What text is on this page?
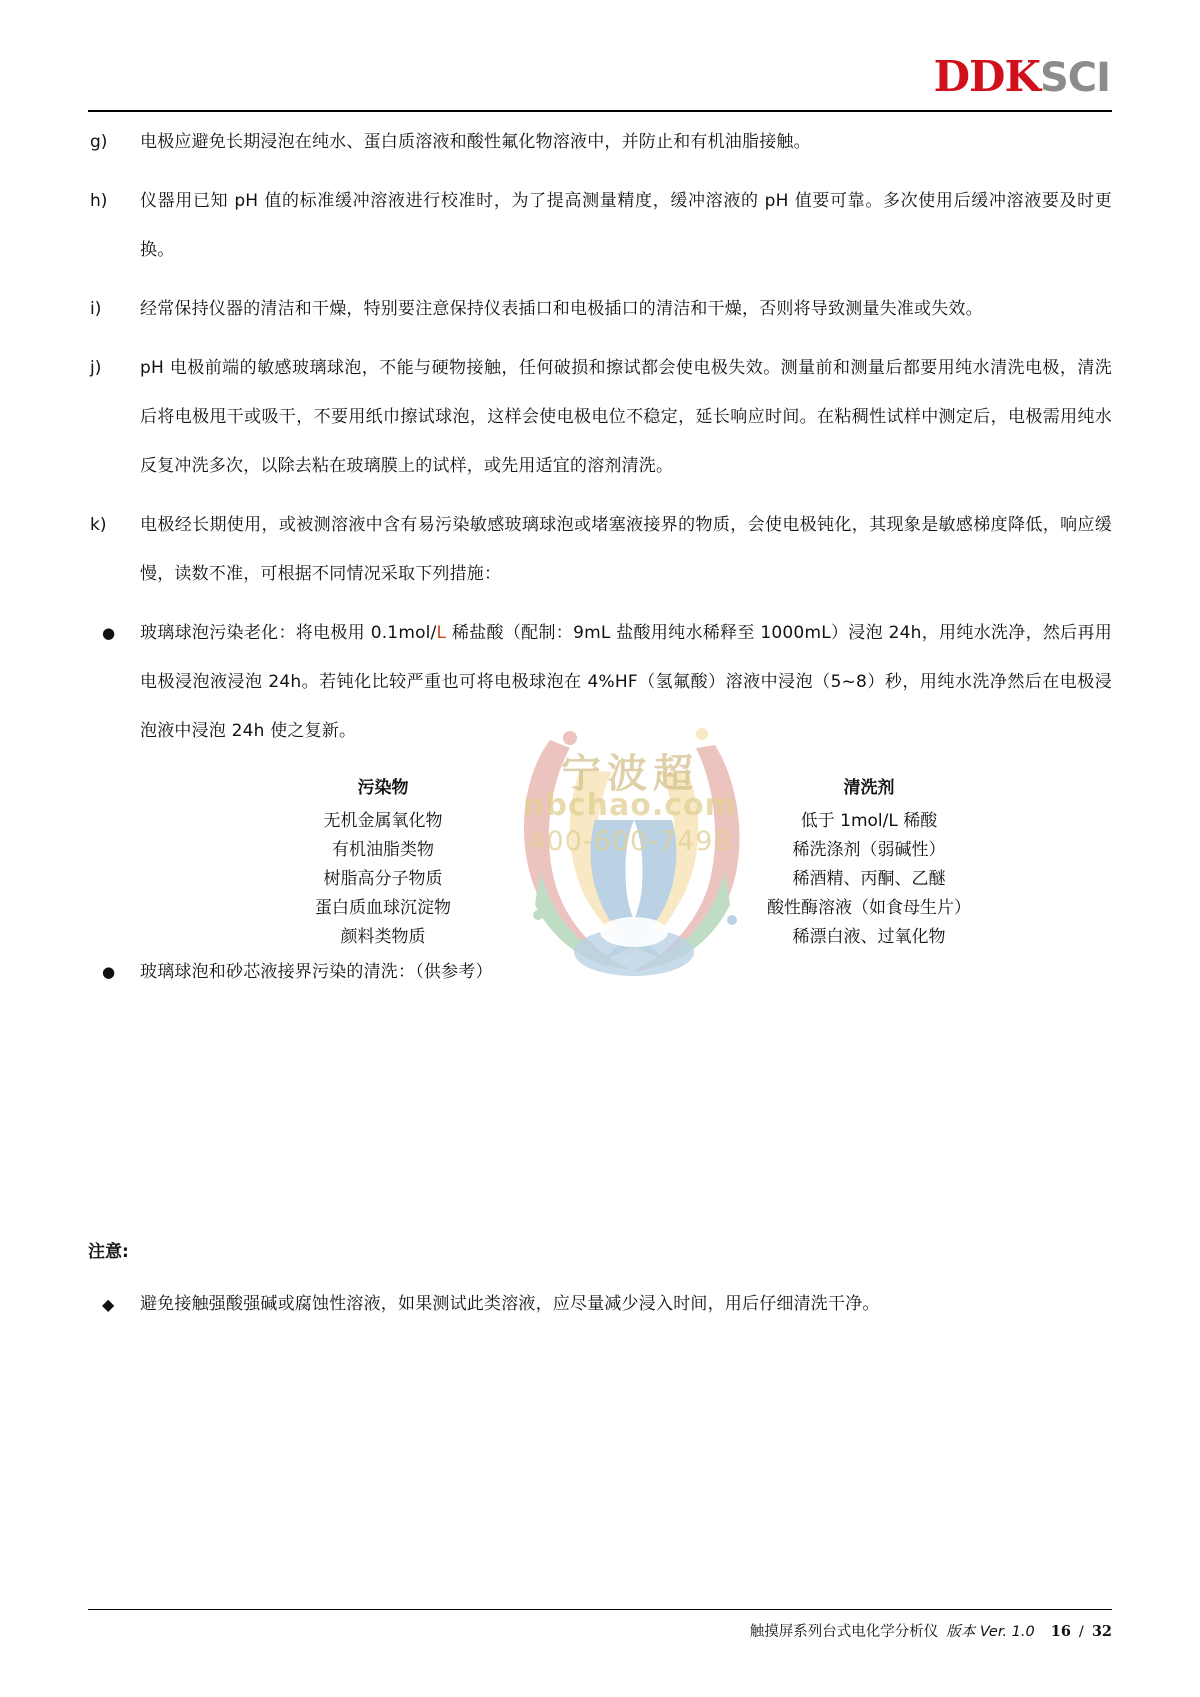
DDKSCI
宁波超
nbchao.com
400-600-7498
g)	电极应避免长期浸泡在纯水、蛋白质溶液和酸性氟化物溶液中，并防止和有机油脂接触。
h)	仪器用已知 pH 值的标准缓冲溶液进行校准时，为了提高测量精度，缓冲溶液的 pH 值要可靠。多次使用后缓冲溶液要及时更换。
i)	经常保持仪器的清洁和干燥，特别要注意保持仪表插口和电极插口的清洁和干燥，否则将导致测量失准或失效。
j)	pH 电极前端的敏感玻璃球泡，不能与硬物接触，任何破损和擦试都会使电极失效。测量前和测量后都要用纯水清洗电极，清洗后将电极甩干或吸干，不要用纸巾擦试球泡，这样会使电极电位不稳定，延长响应时间。在粘稠性试样中测定后，电极需用纯水反复冲洗多次，以除去粘在玻璃膜上的试样，或先用适宜的溶剂清洗。
k)	电极经长期使用，或被测溶液中含有易污染敏感玻璃球泡或堵塞液接界的物质，会使电极钝化，其现象是敏感梯度降低，响应缓慢，读数不准，可根据不同情况采取下列措施：
●	玻璃球泡污染老化：将电极用 0.1mol/L 稀盐酸（配制：9mL 盐酸用纯水稀释至 1000mL）浸泡 24h，用纯水洗净，然后再用电极浸泡液浸泡 24h。若钝化比较严重也可将电极球泡在 4%HF（氢氟酸）溶液中浸泡（5~8）秒，用纯水洗净然后在电极浸泡液中浸泡 24h 使之复新。
污染物	清洗剂
无机金属氧化物	低于 1mol/L 稀酸
有机油脂类物	稀洗涤剂（弱碱性）
树脂高分子物质	稀酒精、丙酮、乙醚
蛋白质血球沉淀物	酸性酶溶液（如食母生片）
颜料类物质	稀漂白液、过氧化物
●	玻璃球泡和砂芯液接界污染的清洗：（供参考）
注意:
◆	避免接触强酸强碱或腐蚀性溶液，如果测试此类溶液，应尽量减少浸入时间，用后仔细清洗干净。
触摸屏系列台式电化学分析仪 版本 Ver. 1.0 16 / 32
